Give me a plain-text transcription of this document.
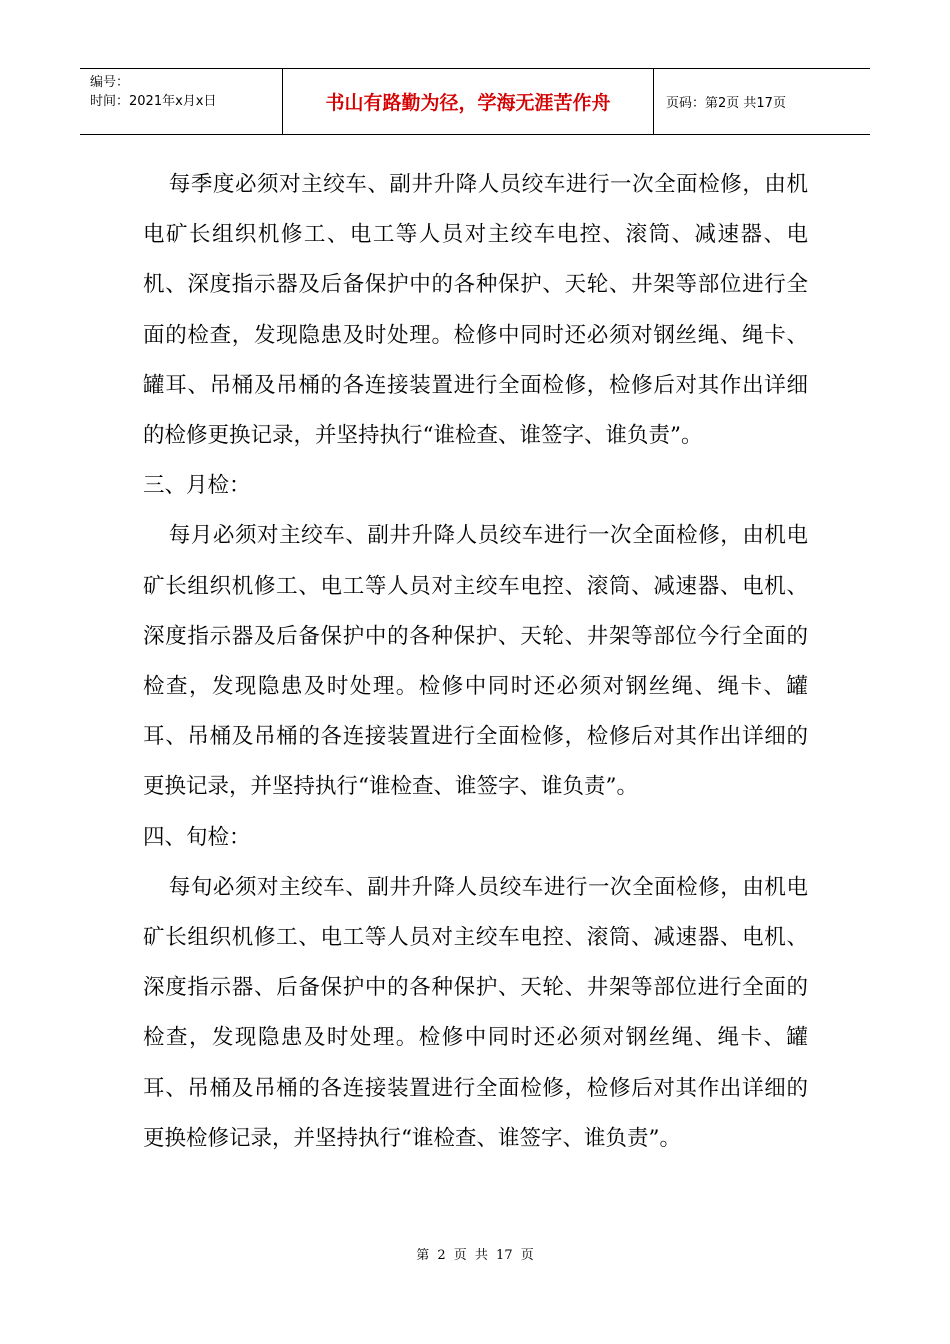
编号：
时间：2021年x月x日	书山有路勤为径，学海无涯苦作舟	页码：第2页 共17页

每季度必须对主绞车、副井升降人员绞车进行一次全面检修，由机电矿长组织机修工、电工等人员对主绞车电控、滚筒、减速器、电机、深度指示器及后备保护中的各种保护、天轮、井架等部位进行全面的检查，发现隐患及时处理。检修中同时还必须对钢丝绳、绳卡、罐耳、吊桶及吊桶的各连接装置进行全面检修，检修后对其作出详细的检修更换记录，并坚持执行“谁检查、谁签字、谁负责”。

三、月检：

每月必须对主绞车、副井升降人员绞车进行一次全面检修，由机电矿长组织机修工、电工等人员对主绞车电控、滚筒、减速器、电机、深度指示器及后备保护中的各种保护、天轮、井架等部位今行全面的检查，发现隐患及时处理。检修中同时还必须对钢丝绳、绳卡、罐耳、吊桶及吊桶的各连接装置进行全面检修，检修后对其作出详细的更换记录，并坚持执行“谁检查、谁签字、谁负责”。

四、旬检：

每旬必须对主绞车、副井升降人员绞车进行一次全面检修，由机电矿长组织机修工、电工等人员对主绞车电控、滚筒、减速器、电机、深度指示器、后备保护中的各种保护、天轮、井架等部位进行全面的检查，发现隐患及时处理。检修中同时还必须对钢丝绳、绳卡、罐耳、吊桶及吊桶的各连接装置进行全面检修，检修后对其作出详细的更换检修记录，并坚持执行“谁检查、谁签字、谁负责”。

第 2 页 共 17 页
